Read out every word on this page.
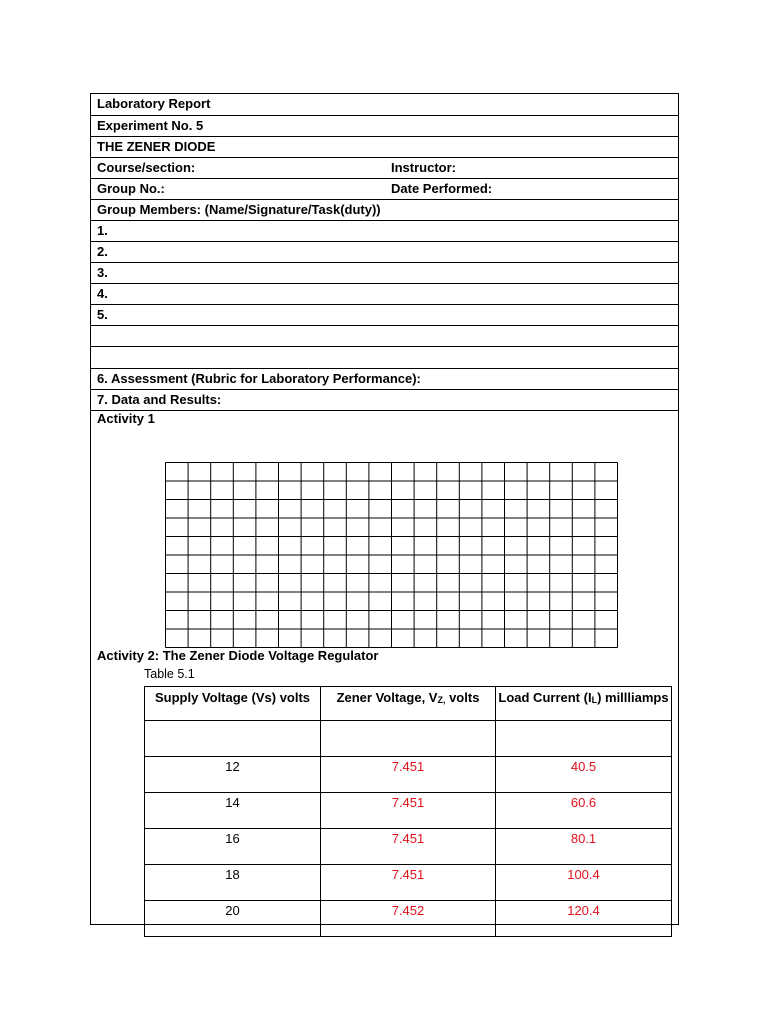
Laboratory Report
Experiment No. 5
THE ZENER DIODE
Course/section:	Instructor:
Group No.:	Date Performed:
Group Members: (Name/Signature/Task(duty))
1.
2.
3.
4.
5.
6. Assessment (Rubric for Laboratory Performance):
7. Data and Results:
Activity 1
Activity 2: The Zener Diode Voltage Regulator
Table 5.1
Supply Voltage (Vs) volts	Zener Voltage, $V_{Z,}$ volts	Load Current $(I_L)$ millliamps

12	7.451	40.5
14	7.451	60.6
16	7.451	80.1
18	7.451	100.4
20	7.452	120.4
